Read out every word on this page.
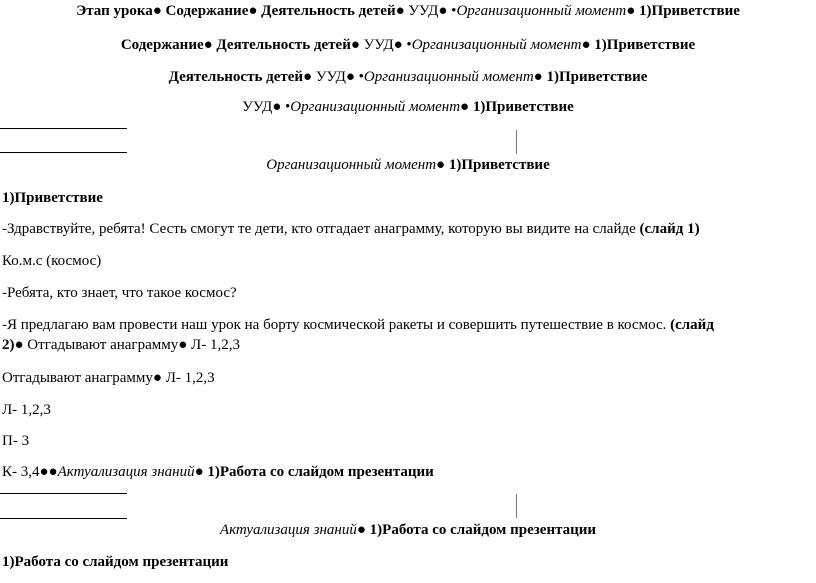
Этап урока● Содержание● Деятельность детей● УУД● •Организационный момент● 1)Приветствие
Содержание● Деятельность детей● УУД● •Организационный момент● 1)Приветствие
Деятельность детей● УУД● •Организационный момент● 1)Приветствие
УУД● •Организационный момент● 1)Приветствие
Организационный момент● 1)Приветствие
1)Приветствие
-Здравствуйте, ребята! Сесть смогут те дети, кто отгадает анаграмму, которую вы видите на слайде (слайд 1)
Ко.м.с (космос)
-Ребята, кто знает, что такое космос?
-Я предлагаю вам провести наш урок на борту космической ракеты и совершить путешествие в космос. (слайд
2)● Отгадывают анаграмму● Л- 1,2,3
Отгадывают анаграмму● Л- 1,2,3
Л- 1,2,3
П- 3
К- 3,4●●Актуализация знаний● 1)Работа со слайдом презентации
Актуализация знаний● 1)Работа со слайдом презентации
1)Работа со слайдом презентации
